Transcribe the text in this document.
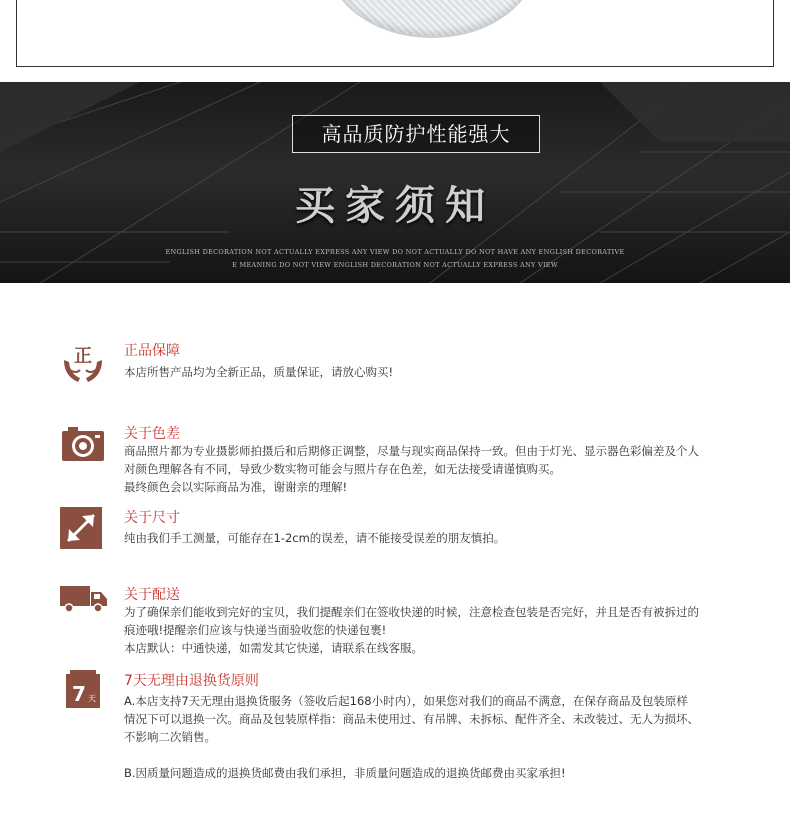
高品质防护性能强大
买家须知
ENGLISH DECORATION NOT ACTUALLY EXPRESS ANY VIEW DO NOT ACTUALLY DO NOT HAVE ANY ENGLISH DECORATIVE
E MEANING DO NOT VIEW ENGLISH DECORATION NOT ACTUALLY EXPRESS ANY VIEW
正 正品保障

本店所售产品均为全新正品，质量保证，请放心购买!

关于色差

商品照片都为专业摄影师拍摄后和后期修正调整，尽量与现实商品保持一致。但由于灯光、显示器色彩偏差及个人

对颜色理解各有不同，导致少数实物可能会与照片存在色差，如无法接受请谨慎购买。

最终颜色会以实际商品为准，谢谢亲的理解!

关于尺寸

纯由我们手工测量，可能存在1-2cm的误差，请不能接受误差的朋友慎拍。

关于配送

为了确保亲们能收到完好的宝贝，我们提醒亲们在签收快递的时候，注意检查包装是否完好，并且是否有被拆过的

痕迹哦!提醒亲们应该与快递当面验收您的快递包裹!

本店默认：中通快递，如需发其它快递，请联系在线客服。

7 天
7天无理由退换货原则

A.本店支持7天无理由退换货服务（签收后起168小时内），如果您对我们的商品不满意，在保存商品及包装原样

情况下可以退换一次。商品及包装原样指：商品未使用过、有吊牌、未拆标、配件齐全、未改装过、无人为损坏、

不影响二次销售。

B.因质量问题造成的退换货邮费由我们承担，非质量问题造成的退换货邮费由买家承担!
